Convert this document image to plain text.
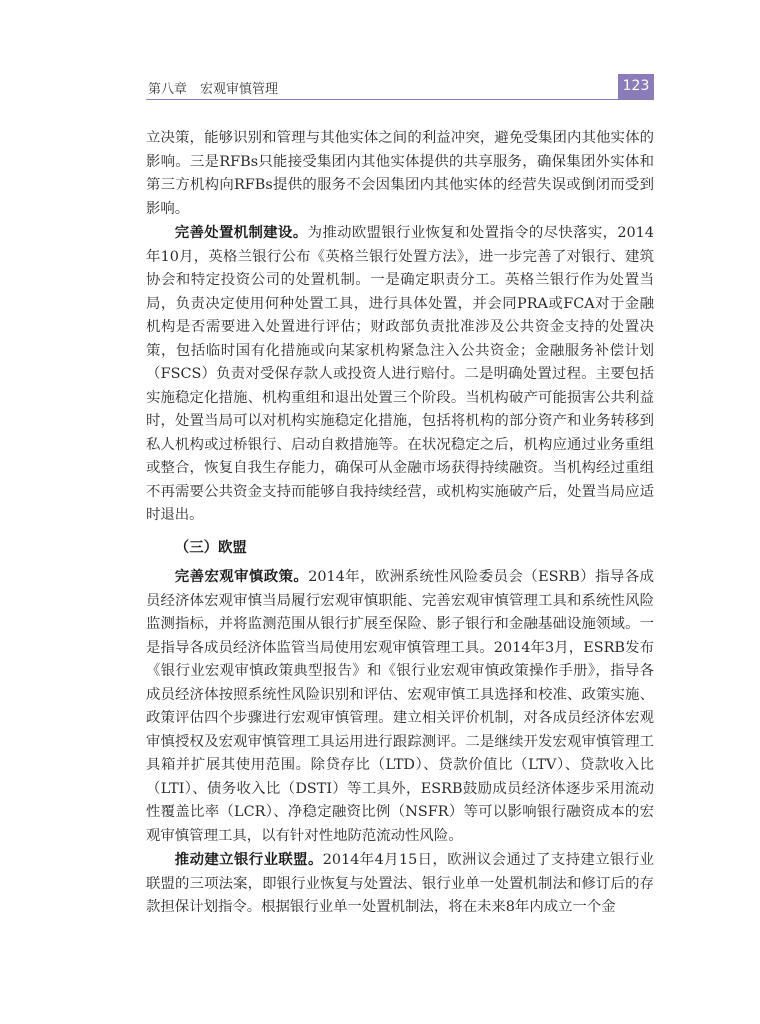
第八章　宏观审慎管理	123

立决策，能够识别和管理与其他实体之间的利益冲突，避免受集团内其他实体的影响。三是RFBs只能接受集团内其他实体提供的共享服务，确保集团外实体和第三方机构向RFBs提供的服务不会因集团内其他实体的经营失误或倒闭而受到影响。

完善处置机制建设。为推动欧盟银行业恢复和处置指令的尽快落实，2014年10月，英格兰银行公布《英格兰银行处置方法》，进一步完善了对银行、建筑协会和特定投资公司的处置机制。一是确定职责分工。英格兰银行作为处置当局，负责决定使用何种处置工具，进行具体处置，并会同PRA或FCA对于金融机构是否需要进入处置进行评估；财政部负责批准涉及公共资金支持的处置决策，包括临时国有化措施或向某家机构紧急注入公共资金；金融服务补偿计划（FSCS）负责对受保存款人或投资人进行赔付。二是明确处置过程。主要包括实施稳定化措施、机构重组和退出处置三个阶段。当机构破产可能损害公共利益时，处置当局可以对机构实施稳定化措施，包括将机构的部分资产和业务转移到私人机构或过桥银行、启动自救措施等。在状况稳定之后，机构应通过业务重组或整合，恢复自我生存能力，确保可从金融市场获得持续融资。当机构经过重组不再需要公共资金支持而能够自我持续经营，或机构实施破产后，处置当局应适时退出。

（三）欧盟

完善宏观审慎政策。2014年，欧洲系统性风险委员会（ESRB）指导各成员经济体宏观审慎当局履行宏观审慎职能、完善宏观审慎管理工具和系统性风险监测指标，并将监测范围从银行扩展至保险、影子银行和金融基础设施领域。一是指导各成员经济体监管当局使用宏观审慎管理工具。2014年3月，ESRB发布《银行业宏观审慎政策典型报告》和《银行业宏观审慎政策操作手册》，指导各成员经济体按照系统性风险识别和评估、宏观审慎工具选择和校准、政策实施、政策评估四个步骤进行宏观审慎管理。建立相关评价机制，对各成员经济体宏观审慎授权及宏观审慎管理工具运用进行跟踪测评。二是继续开发宏观审慎管理工具箱并扩展其使用范围。除贷存比（LTD）、贷款价值比（LTV）、贷款收入比（LTI）、债务收入比（DSTI）等工具外，ESRB鼓励成员经济体逐步采用流动性覆盖比率（LCR）、净稳定融资比例（NSFR）等可以影响银行融资成本的宏观审慎管理工具，以有针对性地防范流动性风险。

推动建立银行业联盟。2014年4月15日，欧洲议会通过了支持建立银行业联盟的三项法案，即银行业恢复与处置法、银行业单一处置机制法和修订后的存款担保计划指令。根据银行业单一处置机制法，将在未来8年内成立一个金
